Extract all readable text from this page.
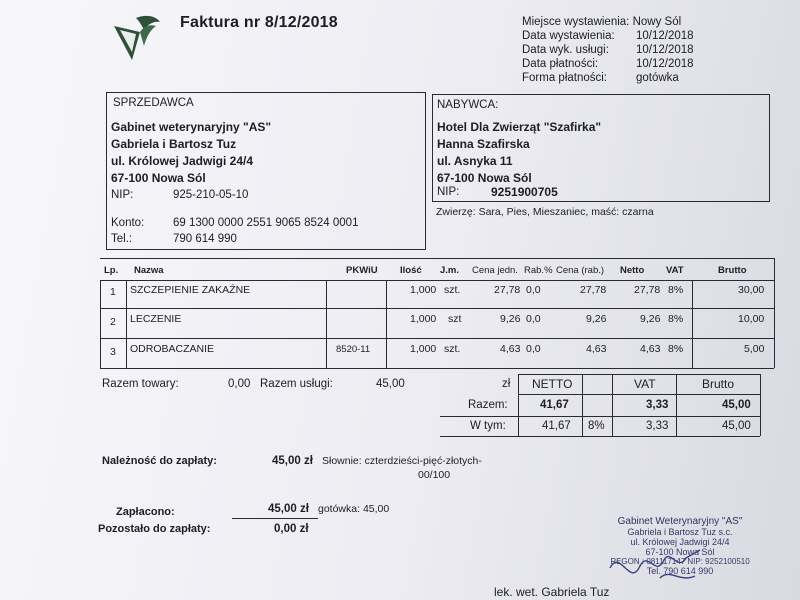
Faktura nr 8/12/2018	Miejsce wystawienia: Nowy Sól
Data wystawienia: 10/12/2018
Data wyk. usługi: 10/12/2018
Data płatności:	10/12/2018
Forma płatności:	gotówka
SPRZEDAWCA
Gabinet weterynaryjny "AS"
Gabriela i Bartosz Tuz
ul. Królowej Jadwigi 24/4
67-100 Nowa Sól
NIP:	925-210-05-10
Konto:	69 1300 0000 2551 9065 8524 0001
Tel.:	790 614 990
NABYWCA:
Hotel Dla Zwierząt "Szafirka"
Hanna Szafirska
ul. Asnyka 11
67-100 Nowa Sól
NIP:	9251900705
Zwierzę: Sara, Pies, Mieszaniec, maść: czarna
Lp. Nazwa	PKWiU Ilość J.m. Cena jedn. Rab.% Cena (rab.) Netto VAT	Brutto
1 SZCZEPIENIE ZAKAŹNE	1,000 szt.	27,78 0,0	27,78	27,78 8%	30,00
2 LECZENIE	1,000 szt	9,26 0,0	9,26	9,26 8%	10,00
3 ODROBACZANIE	8520-11	1,000 szt.	4,63 0,0	4,63	4,63 8%	5,00
Razem towary:	0,00 Razem usługi:	45,00	zł NETTO	VAT	Brutto
Razem:	41,67	3,33	45,00
W tym:	41,67 8%	3,33	45,00
Należność do zapłaty:	45,00 zł Słownie: czterdzieści-pięć-złotych-
00/100
Zapłacono:	45,00 zł gotówka: 45,00
Pozostało do zapłaty:	0,00 zł
Gabinet Weterynaryjny "AS"
Gabriela i Bartosz Tuz s.c.
ul. Królowej Jadwigi 24/4
67-100 Nowa Sól
REGON : 081117147 NIP: 9252100510
Tel. 790 614 990
lek. wet. Gabriela Tuz
